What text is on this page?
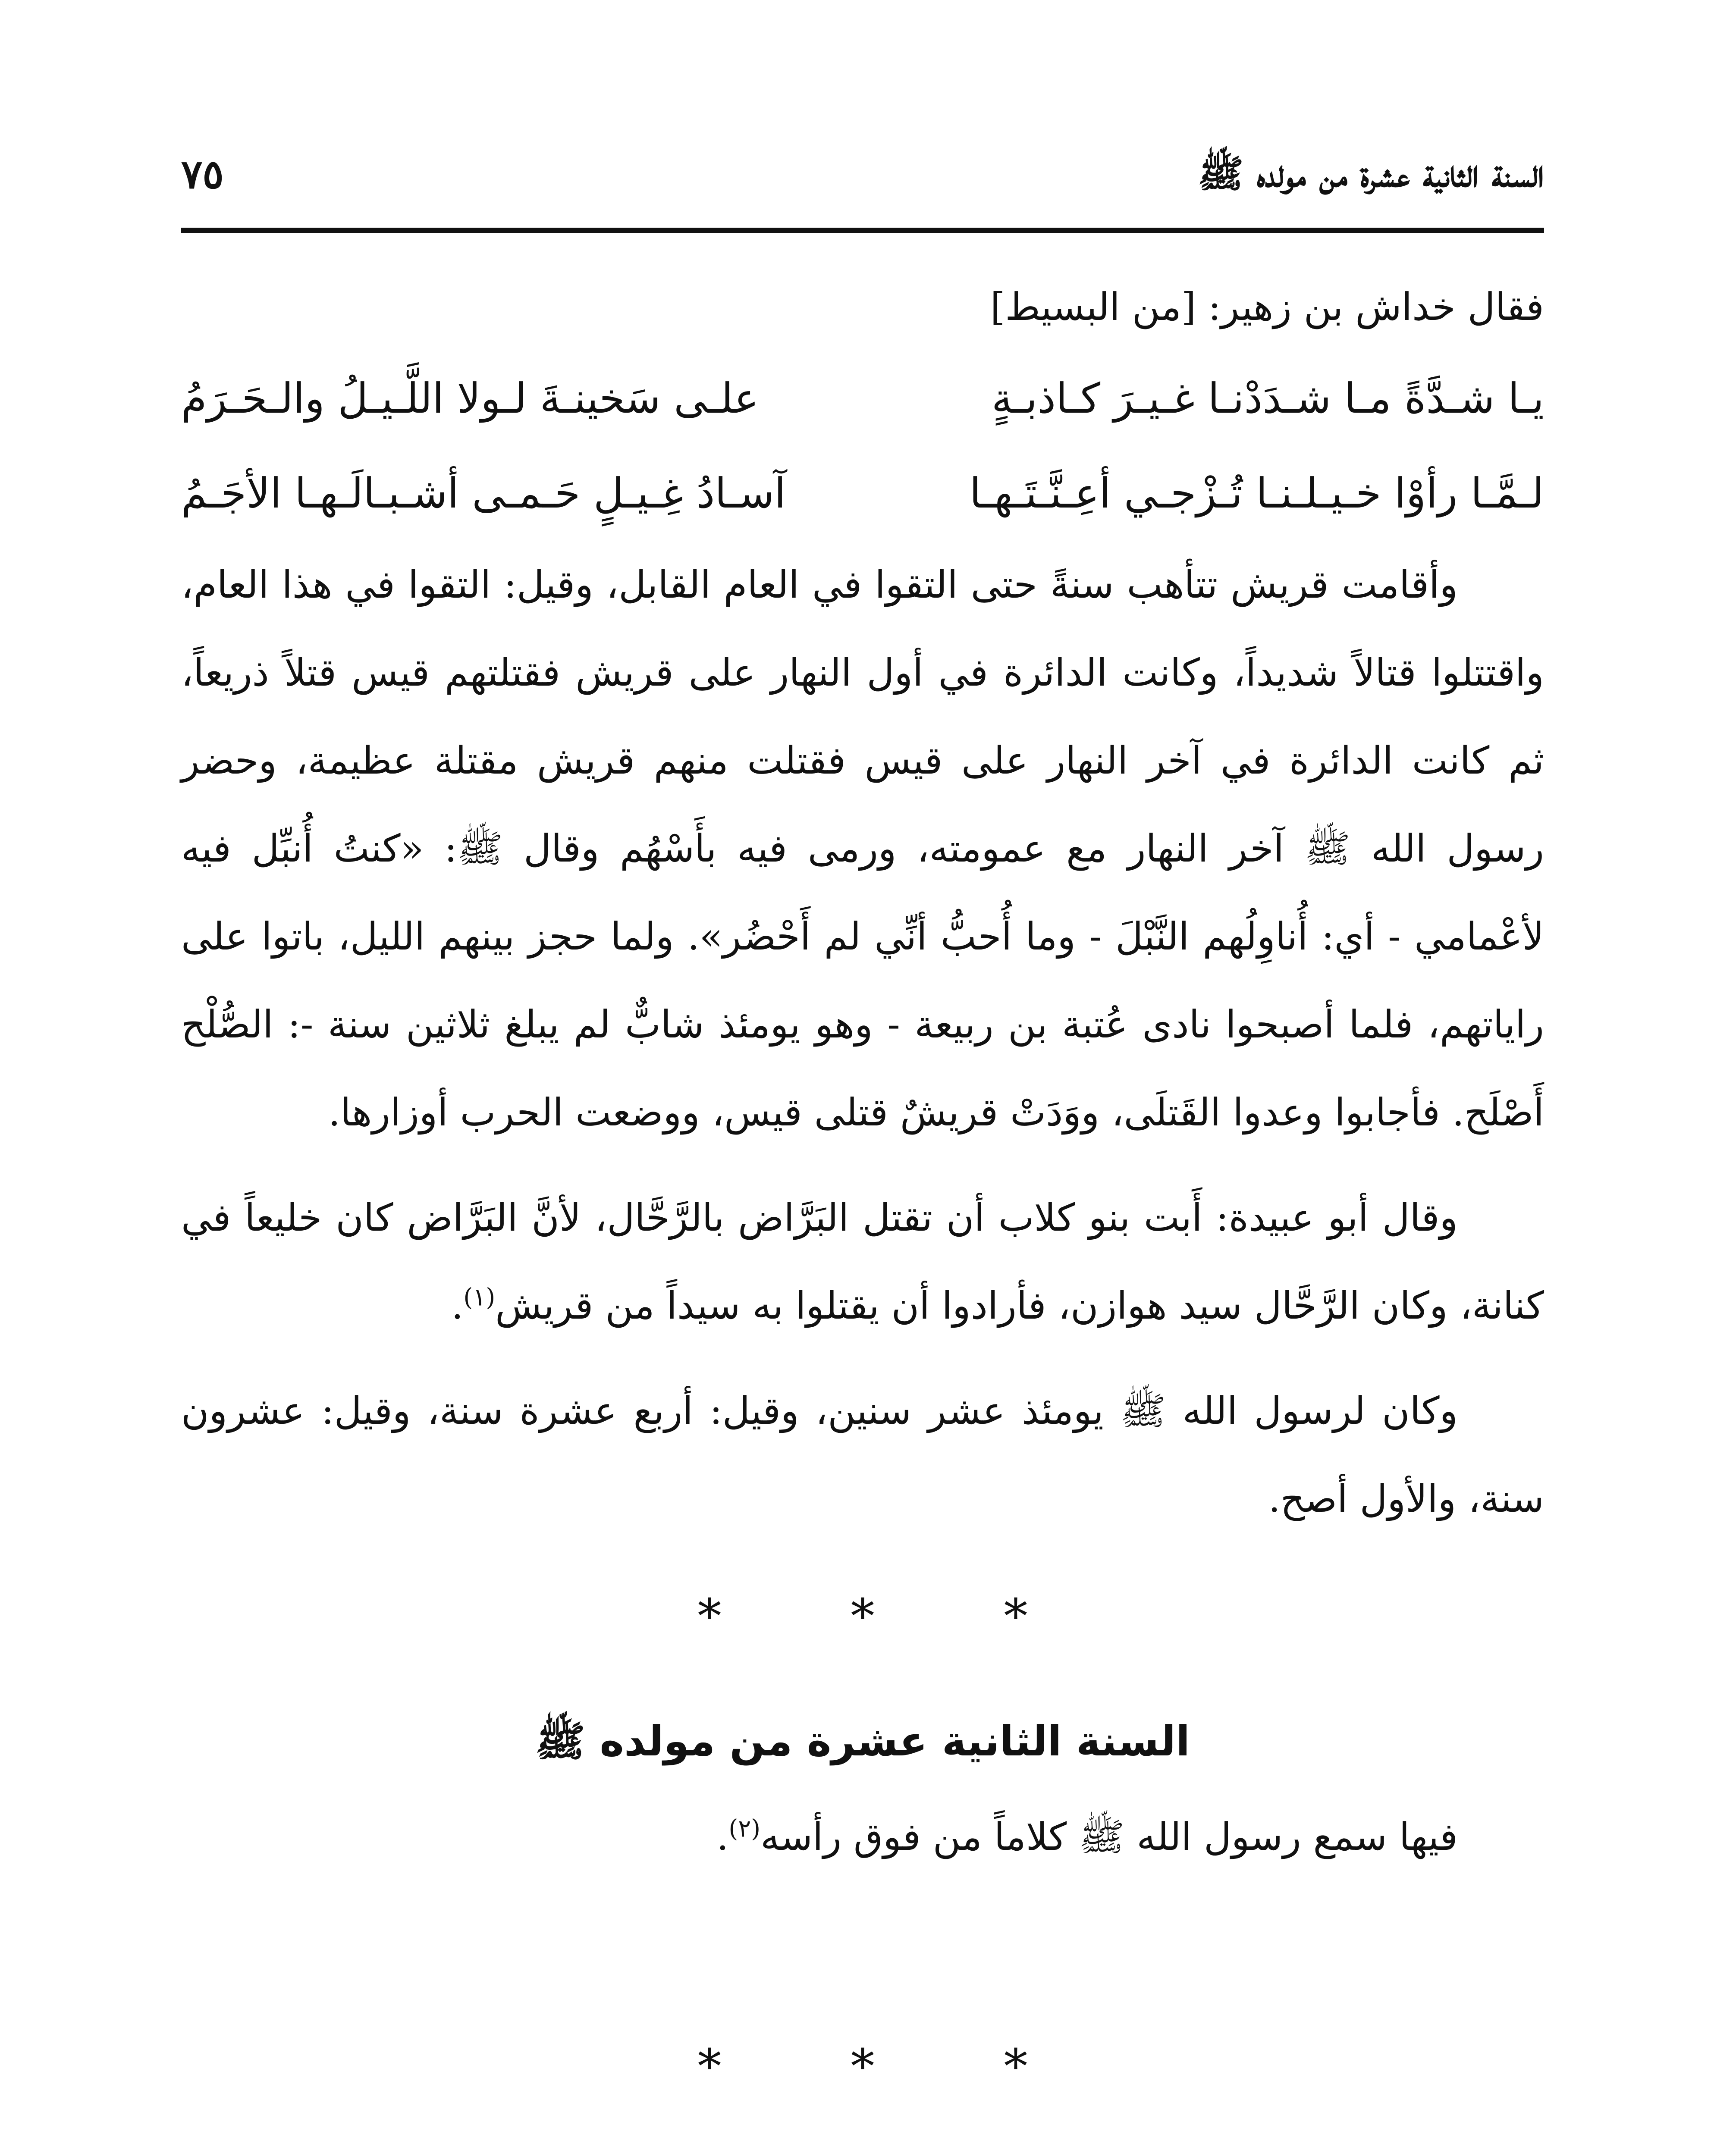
السنة الثانية عشرة من مولده ﷺ
٧٥

فقال خداش بن زهير: [من البسيط]

يـا شـدَّةً مـا شـدَدْنـا غـيـرَ كـاذبـةٍ
علـى سَخينـةَ لـولا اللَّـيـلُ والـحَـرَمُ
لـمَّـا رأوْا خـيـلـنـا تُـزْجـي أعِـنَّـتَـهـا
آسـادُ غِـيـلٍ حَـمـى أشـبـالَـهـا الأجَـمُ

وأقامت قريش تتأهب سنةً حتى التقوا في العام القابل، وقيل: التقوا في هذا العام، واقتتلوا قتالاً شديداً، وكانت الدائرة في أول النهار على قريش فقتلتهم قيس قتلاً ذريعاً، ثم كانت الدائرة في آخر النهار على قيس فقتلت منهم قريش مقتلة عظيمة، وحضر رسول الله ﷺ آخر النهار مع عمومته، ورمى فيه بأَسْهُم وقال ﷺ: «كنتُ أُنبِّل فيه لأعْمامي - أي: أُناوِلُهم النَّبْلَ - وما أُحبُّ أنِّي لم أَحْضُر». ولما حجز بينهم الليل، باتوا على راياتهم، فلما أصبحوا نادى عُتبة بن ربيعة - وهو يومئذ شابٌّ لم يبلغ ثلاثين سنة -: الصُّلْح أَصْلَح. فأجابوا وعدوا القَتلَى، ووَدَتْ قريشٌ قتلى قيس، ووضعت الحرب أوزارها.

وقال أبو عبيدة: أَبت بنو كلاب أن تقتل البَرَّاض بالرَّحَّال، لأنَّ البَرَّاض كان خليعاً في كنانة، وكان الرَّحَّال سيد هوازن، فأرادوا أن يقتلوا به سيداً من قريش$^{(١)}$.

وكان لرسول الله ﷺ يومئذ عشر سنين، وقيل: أربع عشرة سنة، وقيل: عشرون سنة، والأول أصح.

*	*	*
السنة الثانية عشرة من مولده ﷺ

فيها سمع رسول الله ﷺ كلاماً من فوق رأسه$^{(٢)}$.

*	*	*
